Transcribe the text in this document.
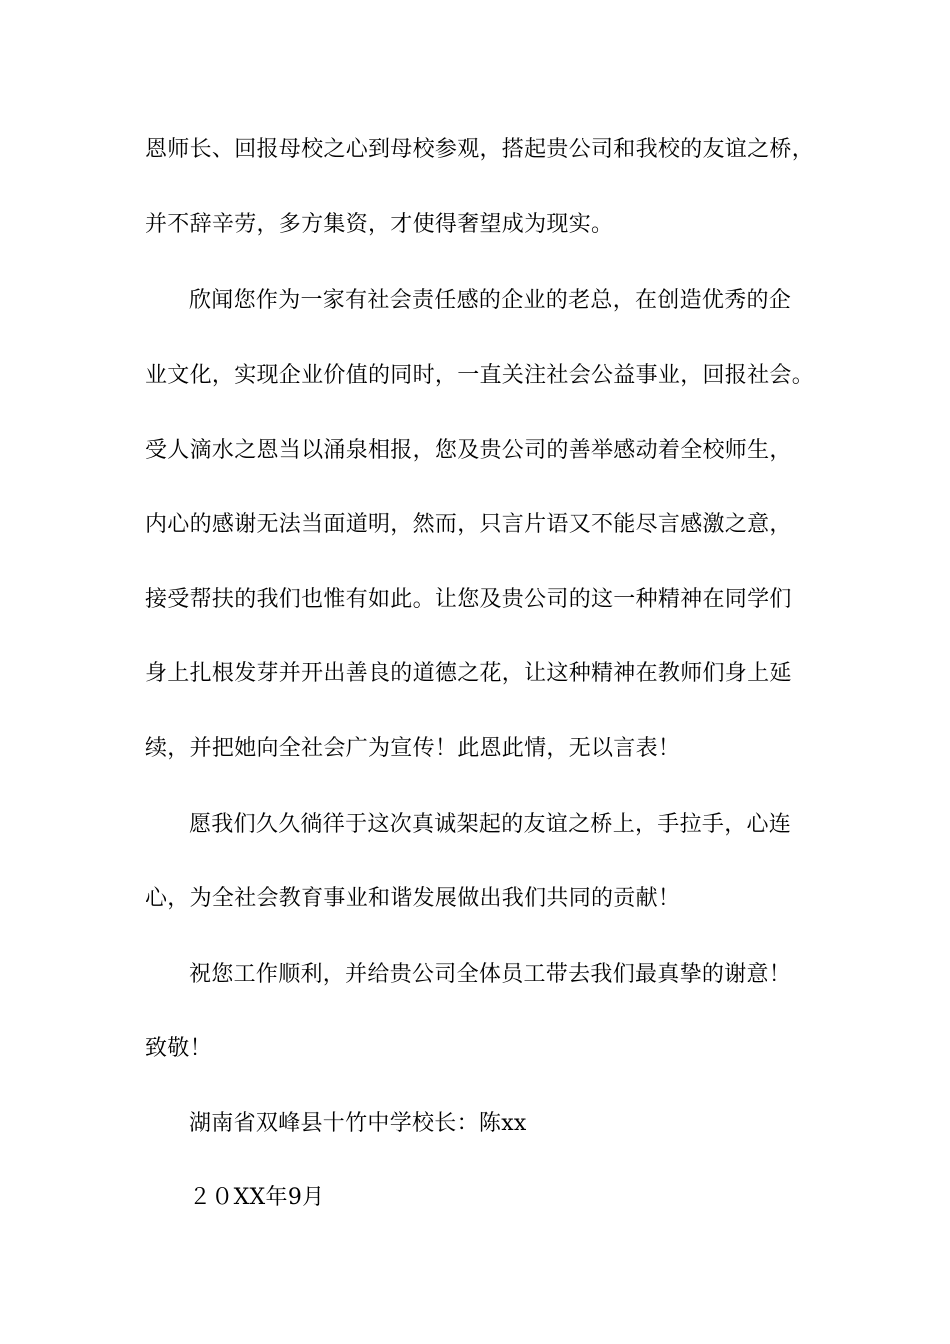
恩师长、回报母校之心到母校参观，搭起贵公司和我校的友谊之桥，
并不辞辛劳，多方集资，才使得奢望成为现实。
欣闻您作为一家有社会责任感的企业的老总，在创造优秀的企
业文化，实现企业价值的同时，一直关注社会公益事业，回报社会。
受人滴水之恩当以涌泉相报，您及贵公司的善举感动着全校师生，
内心的感谢无法当面道明，然而，只言片语又不能尽言感激之意，
接受帮扶的我们也惟有如此。让您及贵公司的这一种精神在同学们
身上扎根发芽并开出善良的道德之花，让这种精神在教师们身上延
续，并把她向全社会广为宣传！此恩此情，无以言表！
愿我们久久徜徉于这次真诚架起的友谊之桥上，手拉手，心连
心，为全社会教育事业和谐发展做出我们共同的贡献！
祝您工作顺利，并给贵公司全体员工带去我们最真挚的谢意！
致敬！
湖南省双峰县十竹中学校长：陈xx
２０XX年9月
